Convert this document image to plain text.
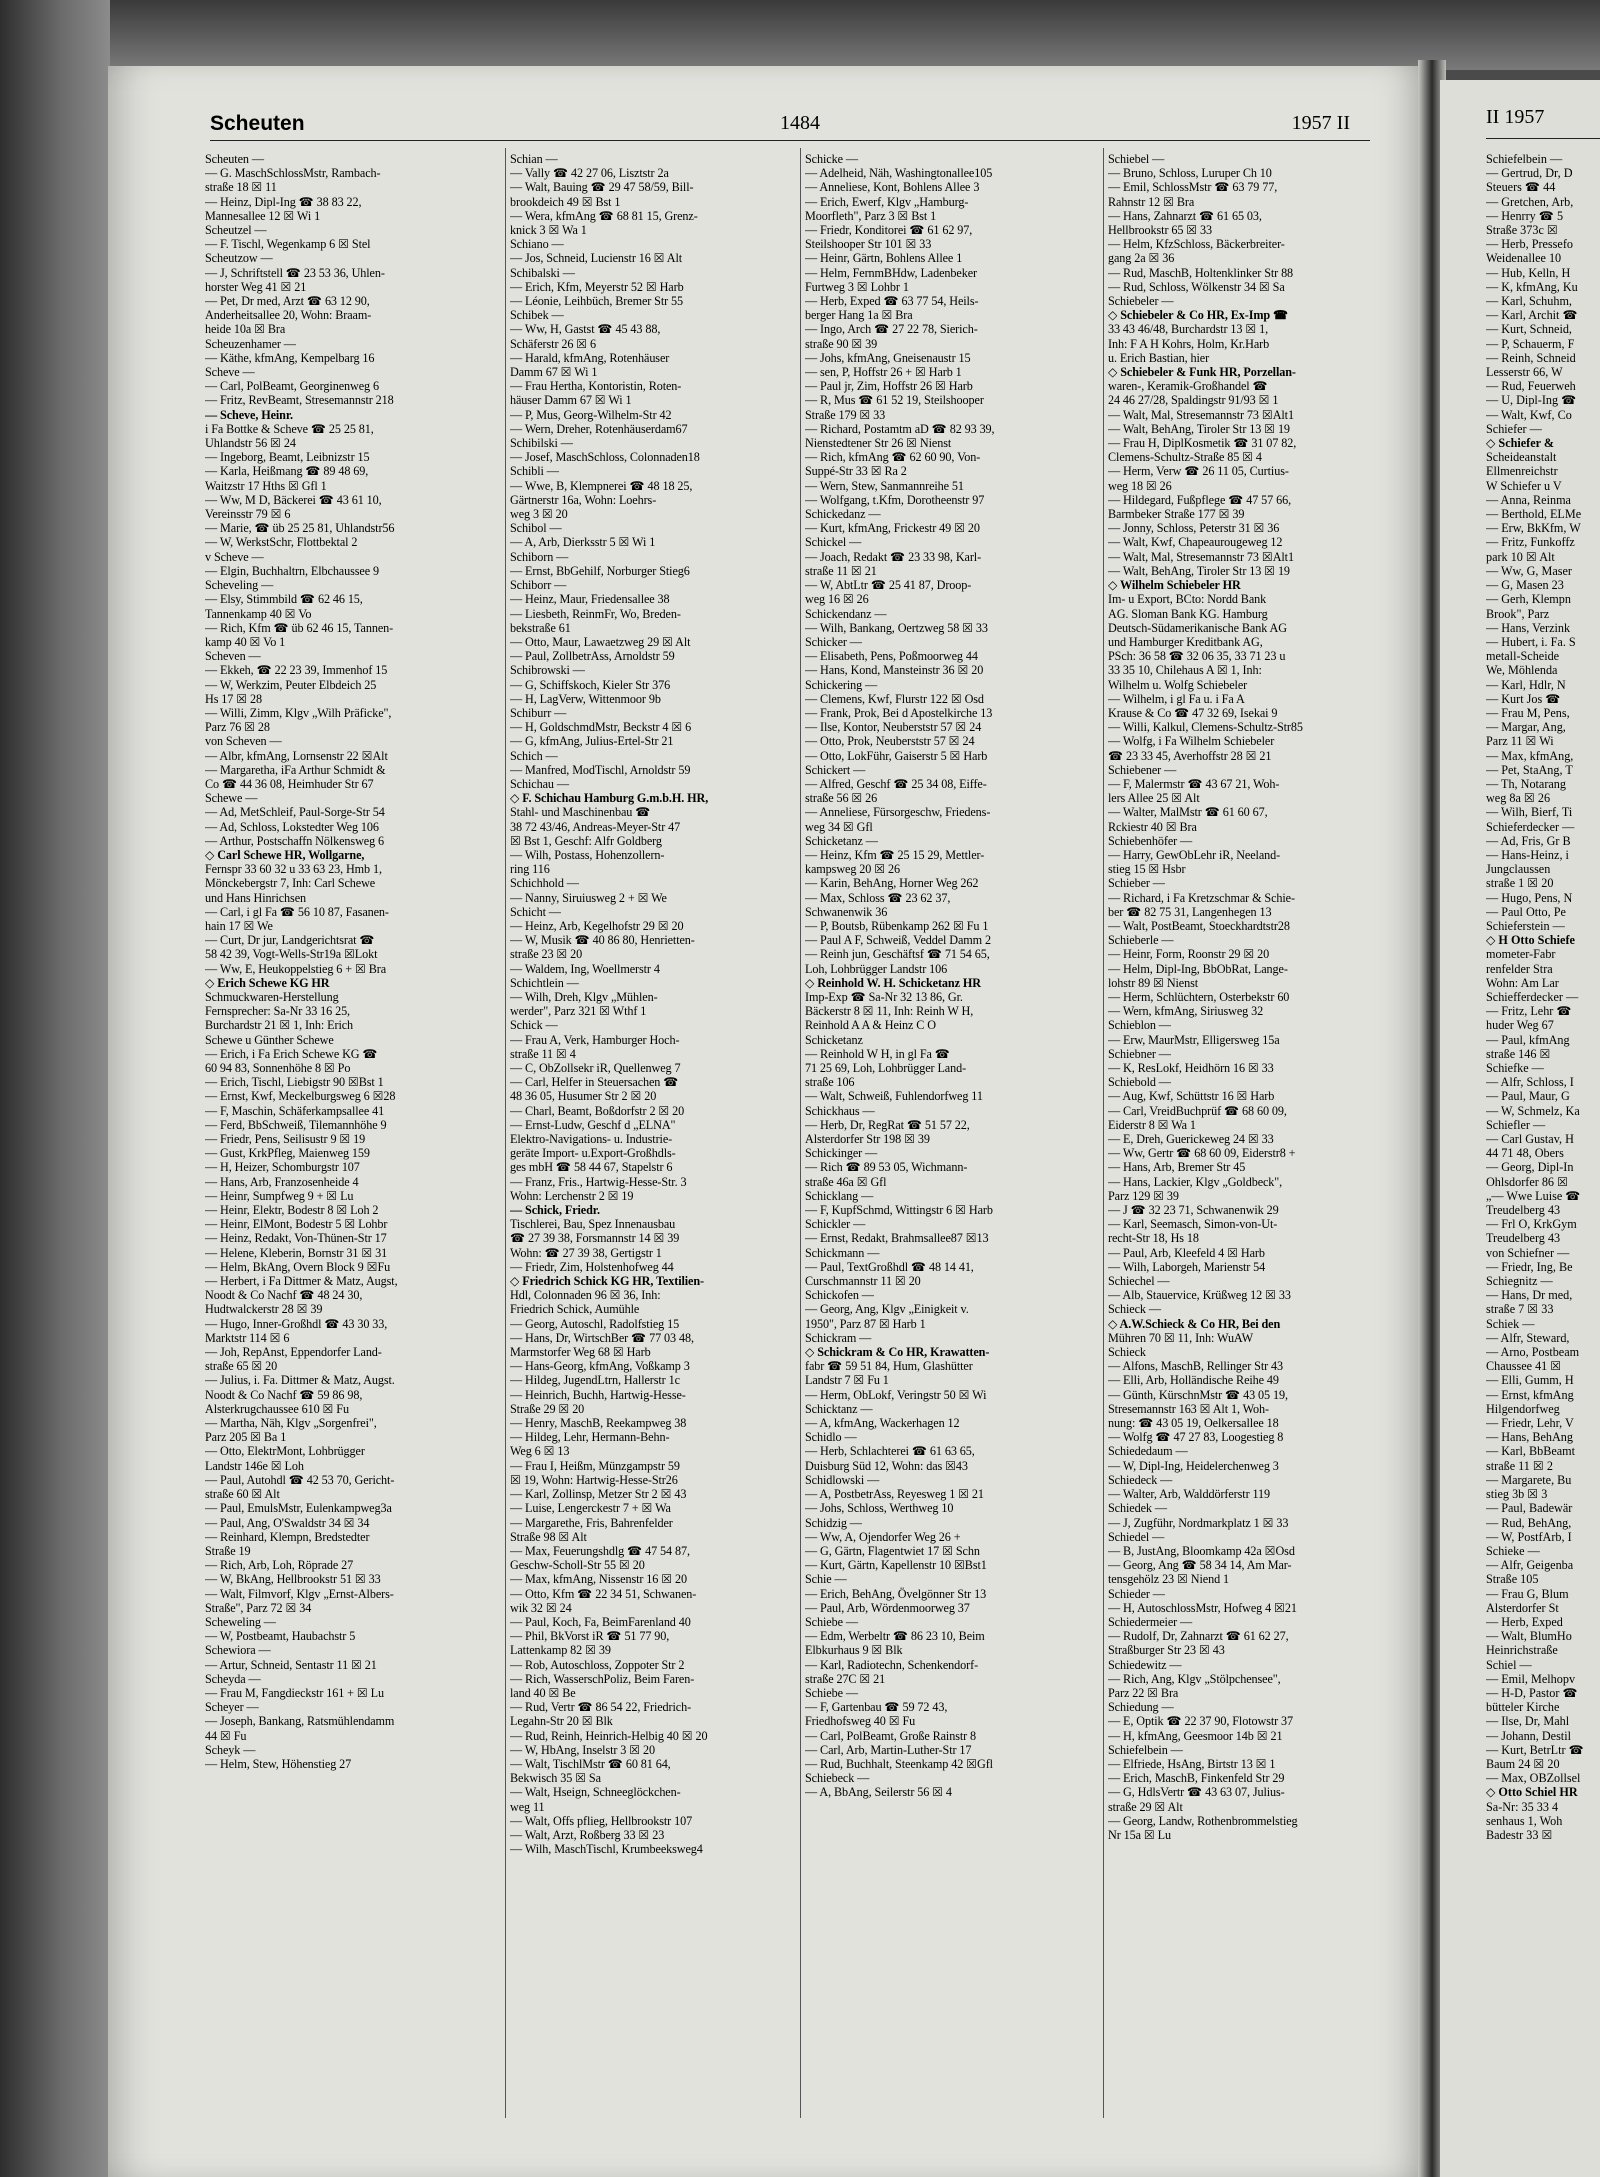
Scheuten	1484	1957 II
Scheuten —
— G. MaschSchlossMstr, Rambach-
straße 18 ☒ 11
— Heinz, Dipl-Ing ☎ 38 83 22,
Mannesallee 12 ☒ Wi 1
Scheutzel —
— F. Tischl, Wegenkamp 6 ☒ Stel
Scheutzow —
— J, Schriftstell ☎ 23 53 36, Uhlen-
horster Weg 41 ☒ 21
— Pet, Dr med, Arzt ☎ 63 12 90,
Anderheitsallee 20, Wohn: Braam-
heide 10a ☒ Bra
Scheuzenhamer —
— Käthe, kfmAng, Kempelbarg 16
Scheve —
— Carl, PolBeamt, Georginenweg 6
— Fritz, RevBeamt, Stresemannstr 218
— Scheve, Heinr.
i Fa Bottke & Scheve ☎ 25 25 81,
Uhlandstr 56 ☒ 24
— Ingeborg, Beamt, Leibnizstr 15
— Karla, Heißmang ☎ 89 48 69,
Waitzstr 17 Hths ☒ Gfl 1
— Ww, M D, Bäckerei ☎ 43 61 10,
Vereinsstr 79 ☒ 6
— Marie, ☎ üb 25 25 81, Uhlandstr56
— W, WerkstSchr, Flottbektal 2
v Scheve —
— Elgin, Buchhaltrn, Elbchaussee 9
Scheveling —
— Elsy, Stimmbild ☎ 62 46 15,
Tannenkamp 40 ☒ Vo
— Rich, Kfm ☎ üb 62 46 15, Tannen-
kamp 40 ☒ Vo 1
Scheven —
— Ekkeh, ☎ 22 23 39, Immenhof 15
— W, Werkzim, Peuter Elbdeich 25
Hs 17 ☒ 28
— Willi, Zimm, Klgv „Wilh Präficke",
Parz 76 ☒ 28
von Scheven —
— Albr, kfmAng, Lornsenstr 22 ☒Alt
— Margaretha, iFa Arthur Schmidt &
Co ☎ 44 36 08, Heimhuder Str 67
Schewe —
— Ad, MetSchleif, Paul-Sorge-Str 54
— Ad, Schloss, Lokstedter Weg 106
— Arthur, Postschaffn Nölkensweg 6
◇ Carl Schewe HR, Wollgarne,
Fernspr 33 60 32 u 33 63 23, Hmb 1,
Mönckebergstr 7, Inh: Carl Schewe
und Hans Hinrichsen
— Carl, i gl Fa ☎ 56 10 87, Fasanen-
hain 17 ☒ We
— Curt, Dr jur, Landgerichtsrat ☎
58 42 39, Vogt-Wells-Str19a ☒Lokt
— Ww, E, Heukoppelstieg 6 + ☒ Bra
◇ Erich Schewe KG HR
Schmuckwaren-Herstellung
Fernsprecher: Sa-Nr 33 16 25,
Burchardstr 21 ☒ 1, Inh: Erich
Schewe u Günther Schewe
— Erich, i Fa Erich Schewe KG ☎
60 94 83, Sonnenhöhe 8 ☒ Po
— Erich, Tischl, Liebigstr 90 ☒Bst 1
— Ernst, Kwf, Meckelburgsweg 6 ☒28
— F, Maschin, Schäferkampsallee 41
— Ferd, BbSchweiß, Tilemannhöhe 9
— Friedr, Pens, Seilisustr 9 ☒ 19
— Gust, KrkPfleg, Maienweg 159
— H, Heizer, Schomburgstr 107
— Hans, Arb, Franzosenheide 4
— Heinr, Sumpfweg 9 + ☒ Lu
— Heinr, Elektr, Bodestr 8 ☒ Loh 2
— Heinr, ElMont, Bodestr 5 ☒ Lohbr
— Heinz, Redakt, Von-Thünen-Str 17
— Helene, Kleberin, Bornstr 31 ☒ 31
— Helm, BkAng, Overn Block 9 ☒Fu
— Herbert, i Fa Dittmer & Matz, Augst,
Noodt & Co Nachf ☎ 48 24 30,
Hudtwalckerstr 28 ☒ 39
— Hugo, Inner-Großhdl ☎ 43 30 33,
Marktstr 114 ☒ 6
— Joh, RepAnst, Eppendorfer Land-
straße 65 ☒ 20
— Julius, i. Fa. Dittmer & Matz, Augst.
Noodt & Co Nachf ☎ 59 86 98,
Alsterkrugchaussee 610 ☒ Fu
— Martha, Näh, Klgv „Sorgenfrei",
Parz 205 ☒ Ba 1
— Otto, ElektrMont, Lohbrügger
Landstr 146e ☒ Loh
— Paul, Autohdl ☎ 42 53 70, Gericht-
straße 60 ☒ Alt
— Paul, EmulsMstr, Eulenkampweg3a
— Paul, Ang, O'Swaldstr 34 ☒ 34
— Reinhard, Klempn, Bredstedter
Straße 19
— Rich, Arb, Loh, Röprade 27
— W, BkAng, Hellbrookstr 51 ☒ 33
— Walt, Filmvorf, Klgv „Ernst-Albers-
Straße", Parz 72 ☒ 34
Scheweling —
— W, Postbeamt, Haubachstr 5
Schewiora —
— Artur, Schneid, Sentastr 11 ☒ 21
Scheyda —
— Frau M, Fangdieckstr 161 + ☒ Lu
Scheyer —
— Joseph, Bankang, Ratsmühlendamm
44 ☒ Fu
Scheyk —
— Helm, Stew, Höhenstieg 27
Schian —
— Vally ☎ 42 27 06, Lisztstr 2a
— Walt, Bauing ☎ 29 47 58/59, Bill-
brookdeich 49 ☒ Bst 1
— Wera, kfmAng ☎ 68 81 15, Grenz-
knick 3 ☒ Wa 1
Schiano —
— Jos, Schneid, Lucienstr 16 ☒ Alt
Schibalski —
— Erich, Kfm, Meyerstr 52 ☒ Harb
— Léonie, Leihbüch, Bremer Str 55
Schibek —
— Ww, H, Gastst ☎ 45 43 88,
Schäferstr 26 ☒ 6
— Harald, kfmAng, Rotenhäuser
Damm 67 ☒ Wi 1
— Frau Hertha, Kontoristin, Roten-
häuser Damm 67 ☒ Wi 1
— P, Mus, Georg-Wilhelm-Str 42
— Wern, Dreher, Rotenhäuserdam67
Schibilski —
— Josef, MaschSchloss, Colonnaden18
Schibli —
— Wwe, B, Klempnerei ☎ 48 18 25,
Gärtnerstr 16a, Wohn: Loehrs-
weg 3 ☒ 20
Schibol —
— A, Arb, Dierksstr 5 ☒ Wi 1
Schiborn —
— Ernst, BbGehilf, Norburger Stieg6
Schiborr —
— Heinz, Maur, Friedensallee 38
— Liesbeth, ReinmFr, Wo, Breden-
bekstraße 61
— Otto, Maur, Lawaetzweg 29 ☒ Alt
— Paul, ZollbetrAss, Arnoldstr 59
Schibrowski —
— G, Schiffskoch, Kieler Str 376
— H, LagVerw, Wittenmoor 9b
Schiburr —
— H, GoldschmdMstr, Beckstr 4 ☒ 6
— G, kfmAng, Julius-Ertel-Str 21
Schich —
— Manfred, ModTischl, Arnoldstr 59
Schichau —
◇ F. Schichau Hamburg G.m.b.H. HR,
Stahl- und Maschinenbau ☎
38 72 43/46, Andreas-Meyer-Str 47
☒ Bst 1, Geschf: Alfr Goldberg
— Wilh, Postass, Hohenzollern-
ring 116
Schichhold —
— Nanny, Siruiusweg 2 + ☒ We
Schicht —
— Heinz, Arb, Kegelhofstr 29 ☒ 20
— W, Musik ☎ 40 86 80, Henrietten-
straße 23 ☒ 20
— Waldem, Ing, Woellmerstr 4
Schichtlein —
— Wilh, Dreh, Klgv „Mühlen-
werder", Parz 321 ☒ Wthf 1
Schick —
— Frau A, Verk, Hamburger Hoch-
straße 11 ☒ 4
— C, ObZollsekr iR, Quellenweg 7
— Carl, Helfer in Steuersachen ☎
48 36 05, Husumer Str 2 ☒ 20
— Charl, Beamt, Boßdorfstr 2 ☒ 20
— Ernst-Ludw, Geschf d „ELNA"
Elektro-Navigations- u. Industrie-
geräte Import- u.Export-Großhdls-
ges mbH ☎ 58 44 67, Stapelstr 6
— Franz, Fris., Hartwig-Hesse-Str. 3
Wohn: Lerchenstr 2 ☒ 19
— Schick, Friedr.
Tischlerei, Bau, Spez Innenausbau
☎ 27 39 38, Forsmannstr 14 ☒ 39
Wohn: ☎ 27 39 38, Gertigstr 1
— Friedr, Zim, Holstenhofweg 44
◇ Friedrich Schick KG HR, Textilien-
Hdl, Colonnaden 96 ☒ 36, Inh:
Friedrich Schick, Aumühle
— Georg, Autoschl, Radolfstieg 15
— Hans, Dr, WirtschBer ☎ 77 03 48,
Marmstorfer Weg 68 ☒ Harb
— Hans-Georg, kfmAng, Voßkamp 3
— Hildeg, JugendLtrn, Hallerstr 1c
— Heinrich, Buchh, Hartwig-Hesse-
Straße 29 ☒ 20
— Henry, MaschB, Reekampweg 38
— Hildeg, Lehr, Hermann-Behn-
Weg 6 ☒ 13
— Frau I, Heißm, Münzgampstr 59
☒ 19, Wohn: Hartwig-Hesse-Str26
— Karl, Zollinsp, Metzer Str 2 ☒ 43
— Luise, Lengerckestr 7 + ☒ Wa
— Margarethe, Fris, Bahrenfelder
Straße 98 ☒ Alt
— Max, Feuerungshdlg ☎ 47 54 87,
Geschw-Scholl-Str 55 ☒ 20
— Max, kfmAng, Nissenstr 16 ☒ 20
— Otto, Kfm ☎ 22 34 51, Schwanen-
wik 32 ☒ 24
— Paul, Koch, Fa, BeimFarenland 40
— Phil, BkVorst iR ☎ 51 77 90,
Lattenkamp 82 ☒ 39
— Rob, Autoschloss, Zoppoter Str 2
— Rich, WasserschPoliz, Beim Faren-
land 40 ☒ Be
— Rud, Vertr ☎ 86 54 22, Friedrich-
Legahn-Str 20 ☒ Blk
— Rud, Reinh, Heinrich-Helbig 40 ☒ 20
— W, HbAng, Inselstr 3 ☒ 20
— Walt, TischlMstr ☎ 60 81 64,
Bekwisch 35 ☒ Sa
— Walt, Hseign, Schneeglöckchen-
weg 11
— Walt, Offs pflieg, Hellbrookstr 107
— Walt, Arzt, Roßberg 33 ☒ 23
— Wilh, MaschTischl, Krumbeeksweg4
Schicke —
— Adelheid, Näh, Washingtonallee105
— Anneliese, Kont, Bohlens Allee 3
— Erich, Ewerf, Klgv „Hamburg-
Moorfleth", Parz 3 ☒ Bst 1
— Friedr, Konditorei ☎ 61 62 97,
Steilshooper Str 101 ☒ 33
— Heinr, Gärtn, Bohlens Allee 1
— Helm, FernmBHdw, Ladenbeker
Furtweg 3 ☒ Lohbr 1
— Herb, Exped ☎ 63 77 54, Heils-
berger Hang 1a ☒ Bra
— Ingo, Arch ☎ 27 22 78, Sierich-
straße 90 ☒ 39
— Johs, kfmAng, Gneisenaustr 15
— sen, P, Hoffstr 26 + ☒ Harb 1
— Paul jr, Zim, Hoffstr 26 ☒ Harb
— R, Mus ☎ 61 52 19, Steilshooper
Straße 179 ☒ 33
— Richard, Postamtm aD ☎ 82 93 39,
Nienstedtener Str 26 ☒ Nienst
— Rich, kfmAng ☎ 62 60 90, Von-
Suppé-Str 33 ☒ Ra 2
— Wern, Stew, Sanmannreihe 51
— Wolfgang, t.Kfm, Dorotheenstr 97
Schickedanz —
— Kurt, kfmAng, Frickestr 49 ☒ 20
Schickel —
— Joach, Redakt ☎ 23 33 98, Karl-
straße 11 ☒ 21
— W, AbtLtr ☎ 25 41 87, Droop-
weg 16 ☒ 26
Schickendanz —
— Wilh, Bankang, Oertzweg 58 ☒ 33
Schicker —
— Elisabeth, Pens, Poßmoorweg 44
— Hans, Kond, Mansteinstr 36 ☒ 20
Schickering —
— Clemens, Kwf, Flurstr 122 ☒ Osd
— Frank, Prok, Bei d Apostelkirche 13
— Ilse, Kontor, Neuberststr 57 ☒ 24
— Otto, Prok, Neuberststr 57 ☒ 24
— Otto, LokFühr, Gaiserstr 5 ☒ Harb
Schickert —
— Alfred, Geschf ☎ 25 34 08, Eiffe-
straße 56 ☒ 26
— Anneliese, Fürsorgeschw, Friedens-
weg 34 ☒ Gfl
Schicketanz —
— Heinz, Kfm ☎ 25 15 29, Mettler-
kampsweg 20 ☒ 26
— Karin, BehAng, Horner Weg 262
— Max, Schloss ☎ 23 62 37,
Schwanenwik 36
— P, Boutsb, Rübenkamp 262 ☒ Fu 1
— Paul A F, Schweiß, Veddel Damm 2
— Reinh jun, Geschäftsf ☎ 71 54 65,
Loh, Lohbrügger Landstr 106
◇ Reinhold W. H. Schicketanz HR
Imp-Exp ☎ Sa-Nr 32 13 86, Gr.
Bäckerstr 8 ☒ 11, Inh: Reinh W H,
Reinhold A A & Heinz C O
Schicketanz
— Reinhold W H, in gl Fa ☎
71 25 69, Loh, Lohbrügger Land-
straße 106
— Walt, Schweiß, Fuhlendorfweg 11
Schickhaus —
— Herb, Dr, RegRat ☎ 51 57 22,
Alsterdorfer Str 198 ☒ 39
Schickinger —
— Rich ☎ 89 53 05, Wichmann-
straße 46a ☒ Gfl
Schicklang —
— F, KupfSchmd, Wittingstr 6 ☒ Harb
Schickler —
— Ernst, Redakt, Brahmsallee87 ☒13
Schickmann —
— Paul, TextGroßhdl ☎ 48 14 41,
Curschmannstr 11 ☒ 20
Schickofen —
— Georg, Ang, Klgv „Einigkeit v.
1950", Parz 87 ☒ Harb 1
Schickram —
◇ Schickram & Co HR, Krawatten-
fabr ☎ 59 51 84, Hum, Glashütter
Landstr 7 ☒ Fu 1
— Herm, ObLokf, Veringstr 50 ☒ Wi
Schicktanz —
— A, kfmAng, Wackerhagen 12
Schidlo —
— Herb, Schlachterei ☎ 61 63 65,
Duisburg Süd 12, Wohn: das ☒43
Schidlowski —
— A, PostbetrAss, Reyesweg 1 ☒ 21
— Johs, Schloss, Werthweg 10
Schidzig —
— Ww, A, Ojendorfer Weg 26 +
— G, Gärtn, Flagentwiet 17 ☒ Schn
— Kurt, Gärtn, Kapellenstr 10 ☒Bst1
Schie —
— Erich, BehAng, Övelgönner Str 13
— Paul, Arb, Wördenmoorweg 37
Schiebe —
— Edm, Werbeltr ☎ 86 23 10, Beim
Elbkurhaus 9 ☒ Blk
— Karl, Radiotechn, Schenkendorf-
straße 27C ☒ 21
Schiebe —
— F, Gartenbau ☎ 59 72 43,
Friedhofsweg 40 ☒ Fu
— Carl, PolBeamt, Große Rainstr 8
— Carl, Arb, Martin-Luther-Str 17
— Rud, Buchhalt, Steenkamp 42 ☒Gfl
Schiebeck —
— A, BbAng, Seilerstr 56 ☒ 4
Schiebel —
— Bruno, Schloss, Luruper Ch 10
— Emil, SchlossMstr ☎ 63 79 77,
Rahnstr 12 ☒ Bra
— Hans, Zahnarzt ☎ 61 65 03,
Hellbrookstr 65 ☒ 33
— Helm, KfzSchloss, Bäckerbreiter-
gang 2a ☒ 36
— Rud, MaschB, Holtenklinker Str 88
— Rud, Schloss, Wölkenstr 34 ☒ Sa
Schiebeler —
◇ Schiebeler & Co HR, Ex-Imp ☎
33 43 46/48, Burchardstr 13 ☒ 1,
Inh: F A H Kohrs, Holm, Kr.Harb
u. Erich Bastian, hier
◇ Schiebeler & Funk HR, Porzellan-
waren-, Keramik-Großhandel ☎
24 46 27/28, Spaldingstr 91/93 ☒ 1
— Walt, Mal, Stresemannstr 73 ☒Alt1
— Walt, BehAng, Tiroler Str 13 ☒ 19
— Frau H, DiplKosmetik ☎ 31 07 82,
Clemens-Schultz-Straße 85 ☒ 4
— Herm, Verw ☎ 26 11 05, Curtius-
weg 18 ☒ 26
— Hildegard, Fußpflege ☎ 47 57 66,
Barmbeker Straße 177 ☒ 39
— Jonny, Schloss, Peterstr 31 ☒ 36
— Walt, Kwf, Chapeaurougeweg 12
— Walt, Mal, Stresemannstr 73 ☒Alt1
— Walt, BehAng, Tiroler Str 13 ☒ 19
◇ Wilhelm Schiebeler HR
Im- u Export, BCto: Nordd Bank
AG. Sloman Bank KG. Hamburg
Deutsch-Südamerikanische Bank AG
und Hamburger Kreditbank AG,
PSch: 36 58 ☎ 32 06 35, 33 71 23 u
33 35 10, Chilehaus A ☒ 1, Inh:
Wilhelm u. Wolfg Schiebeler
— Wilhelm, i gl Fa u. i Fa A
Krause & Co ☎ 47 32 69, Isekai 9
— Willi, Kalkul, Clemens-Schultz-Str85
— Wolfg, i Fa Wilhelm Schiebeler
☎ 23 33 45, Averhoffstr 28 ☒ 21
Schiebener —
— F, Malermstr ☎ 43 67 21, Woh-
lers Allee 25 ☒ Alt
— Walter, MalMstr ☎ 61 60 67,
Rckiestr 40 ☒ Bra
Schiebenhöfer —
— Harry, GewObLehr iR, Neeland-
stieg 15 ☒ Hsbr
Schieber —
— Richard, i Fa Kretzschmar & Schie-
ber ☎ 82 75 31, Langenhegen 13
— Walt, PostBeamt, Stoeckhardtstr28
Schieberle —
— Heinr, Form, Roonstr 29 ☒ 20
— Helm, Dipl-Ing, BbObRat, Lange-
lohstr 89 ☒ Nienst
— Herm, Schlüchtern, Osterbekstr 60
— Wern, kfmAng, Siriusweg 32
Schieblon —
— Erw, MaurMstr, Elligersweg 15a
Schiebner —
— K, ResLokf, Heidhörn 16 ☒ 33
Schiebold —
— Aug, Kwf, Schüttstr 16 ☒ Harb
— Carl, VreidBuchprüf ☎ 68 60 09,
Eiderstr 8 ☒ Wa 1
— E, Dreh, Guerickeweg 24 ☒ 33
— Ww, Gertr ☎ 68 60 09, Eiderstr8 +
— Hans, Arb, Bremer Str 45
— Hans, Lackier, Klgv „Goldbeck",
Parz 129 ☒ 39
— J ☎ 32 23 71, Schwanenwik 29
— Karl, Seemasch, Simon-von-Ut-
recht-Str 18, Hs 18
— Paul, Arb, Kleefeld 4 ☒ Harb
— Wilh, Laborgeh, Marienstr 54
Schiechel —
— Alb, Stauervice, Krüßweg 12 ☒ 33
Schieck —
◇ A.W.Schieck & Co HR, Bei den
Mühren 70 ☒ 11, Inh: WuAW
Schieck
— Alfons, MaschB, Rellinger Str 43
— Elli, Arb, Holländische Reihe 49
— Günth, KürschnMstr ☎ 43 05 19,
Stresemannstr 163 ☒ Alt 1, Woh-
nung: ☎ 43 05 19, Oelkersallee 18
— Wolfg ☎ 47 27 83, Loogestieg 8
Schiededaum —
— W, Dipl-Ing, Heidelerchenweg 3
Schiedeck —
— Walter, Arb, Walddörferstr 119
Schiedek —
— J, Zugführ, Nordmarkplatz 1 ☒ 33
Schiedel —
— B, JustAng, Bloomkamp 42a ☒Osd
— Georg, Ang ☎ 58 34 14, Am Mar-
tensgehölz 23 ☒ Niend 1
Schieder —
— H, AutoschlossMstr, Hofweg 4 ☒21
Schiedermeier —
— Rudolf, Dr, Zahnarzt ☎ 61 62 27,
Straßburger Str 23 ☒ 43
Schiedewitz —
— Rich, Ang, Klgv „Stölpchensee",
Parz 22 ☒ Bra
Schiedung —
— E, Optik ☎ 22 37 90, Flotowstr 37
— H, kfmAng, Geesmoor 14b ☒ 21
Schiefelbein —
— Elfriede, HsAng, Birtstr 13 ☒ 1
— Erich, MaschB, Finkenfeld Str 29
— G, HdlsVertr ☎ 43 63 07, Julius-
straße 29 ☒ Alt
— Georg, Landw, Rothenbrommelstieg
Nr 15a ☒ Lu
II 1957
Schiefelbein —
— Gertrud, Dr, D
Steuers ☎ 44
— Gretchen, Arb,
— Henrry ☎ 5
Straße 373c ☒
— Herb, Pressefo
Weidenallee 10
— Hub, Kelln, H
— K, kfmAng, Ku
— Karl, Schuhm,
— Karl, Archit ☎
— Kurt, Schneid,
— P, Schauerm, F
— Reinh, Schneid
Lesserstr 66, W
— Rud, Feuerweh
— U, Dipl-Ing ☎
— Walt, Kwf, Co
Schiefer —
◇ Schiefer &
Scheideanstalt
Ellmenreichstr
W Schiefer u V
— Anna, Reinma
— Berthold, ELMe
— Erw, BkKfm, W
— Fritz, Funkoffz
park 10 ☒ Alt
— Ww, G, Maser
— G, Masen 23
— Gerh, Klempn
Brook", Parz
— Hans, Verzink
— Hubert, i. Fa. S
metall-Scheide
We, Möhlenda
— Karl, Hdlr, N
— Kurt Jos ☎
— Frau M, Pens,
— Margar, Ang,
Parz 11 ☒ Wi
— Max, kfmAng,
— Pet, StaAng, T
— Th, Notarang
weg 8a ☒ 26
— Wilh, Bierf, Ti
Schieferdecker —
— Ad, Fris, Gr B
— Hans-Heinz, i
Jungclaussen
straße 1 ☒ 20
— Hugo, Pens, N
— Paul Otto, Pe
Schieferstein —
◇ H Otto Schiefe
mometer-Fabr
renfelder Stra
Wohn: Am Lar
Schiefferdecker —
— Fritz, Lehr ☎
huder Weg 67
— Paul, kfmAng
straße 146 ☒
Schiefke —
— Alfr, Schloss, I
— Paul, Maur, G
— W, Schmelz, Ka
Schiefler —
— Carl Gustav, H
44 71 48, Obers
— Georg, Dipl-In
Ohlsdorfer 86 ☒
„— Wwe Luise ☎
Treudelberg 43
— Frl O, KrkGym
Treudelberg 43
von Schiefner —
— Friedr, Ing, Be
Schiegnitz —
— Hans, Dr med,
straße 7 ☒ 33
Schiek —
— Alfr, Steward,
— Arno, Postbeam
Chaussee 41 ☒
— Elli, Gumm, H
— Ernst, kfmAng
Hilgendorfweg
— Friedr, Lehr, V
— Hans, BehAng
— Karl, BbBeamt
straße 11 ☒ 2
— Margarete, Bu
stieg 3b ☒ 3
— Paul, Badewär
— Rud, BehAng,
— W, PostfArb, I
Schieke —
— Alfr, Geigenba
Straße 105
— Frau G, Blum
Alsterdorfer St
— Herb, Exped
— Walt, BlumHo
Heinrichstraße
Schiel —
— Emil, Melhopv
— H-D, Pastor ☎
bütteler Kirche
— Ilse, Dr, Mahl
— Johann, Destil
— Kurt, BetrLtr ☎
Baum 24 ☒ 20
— Max, OBZollsel
◇ Otto Schiel HR
Sa-Nr: 35 33 4
senhaus 1, Woh
Badestr 33 ☒
